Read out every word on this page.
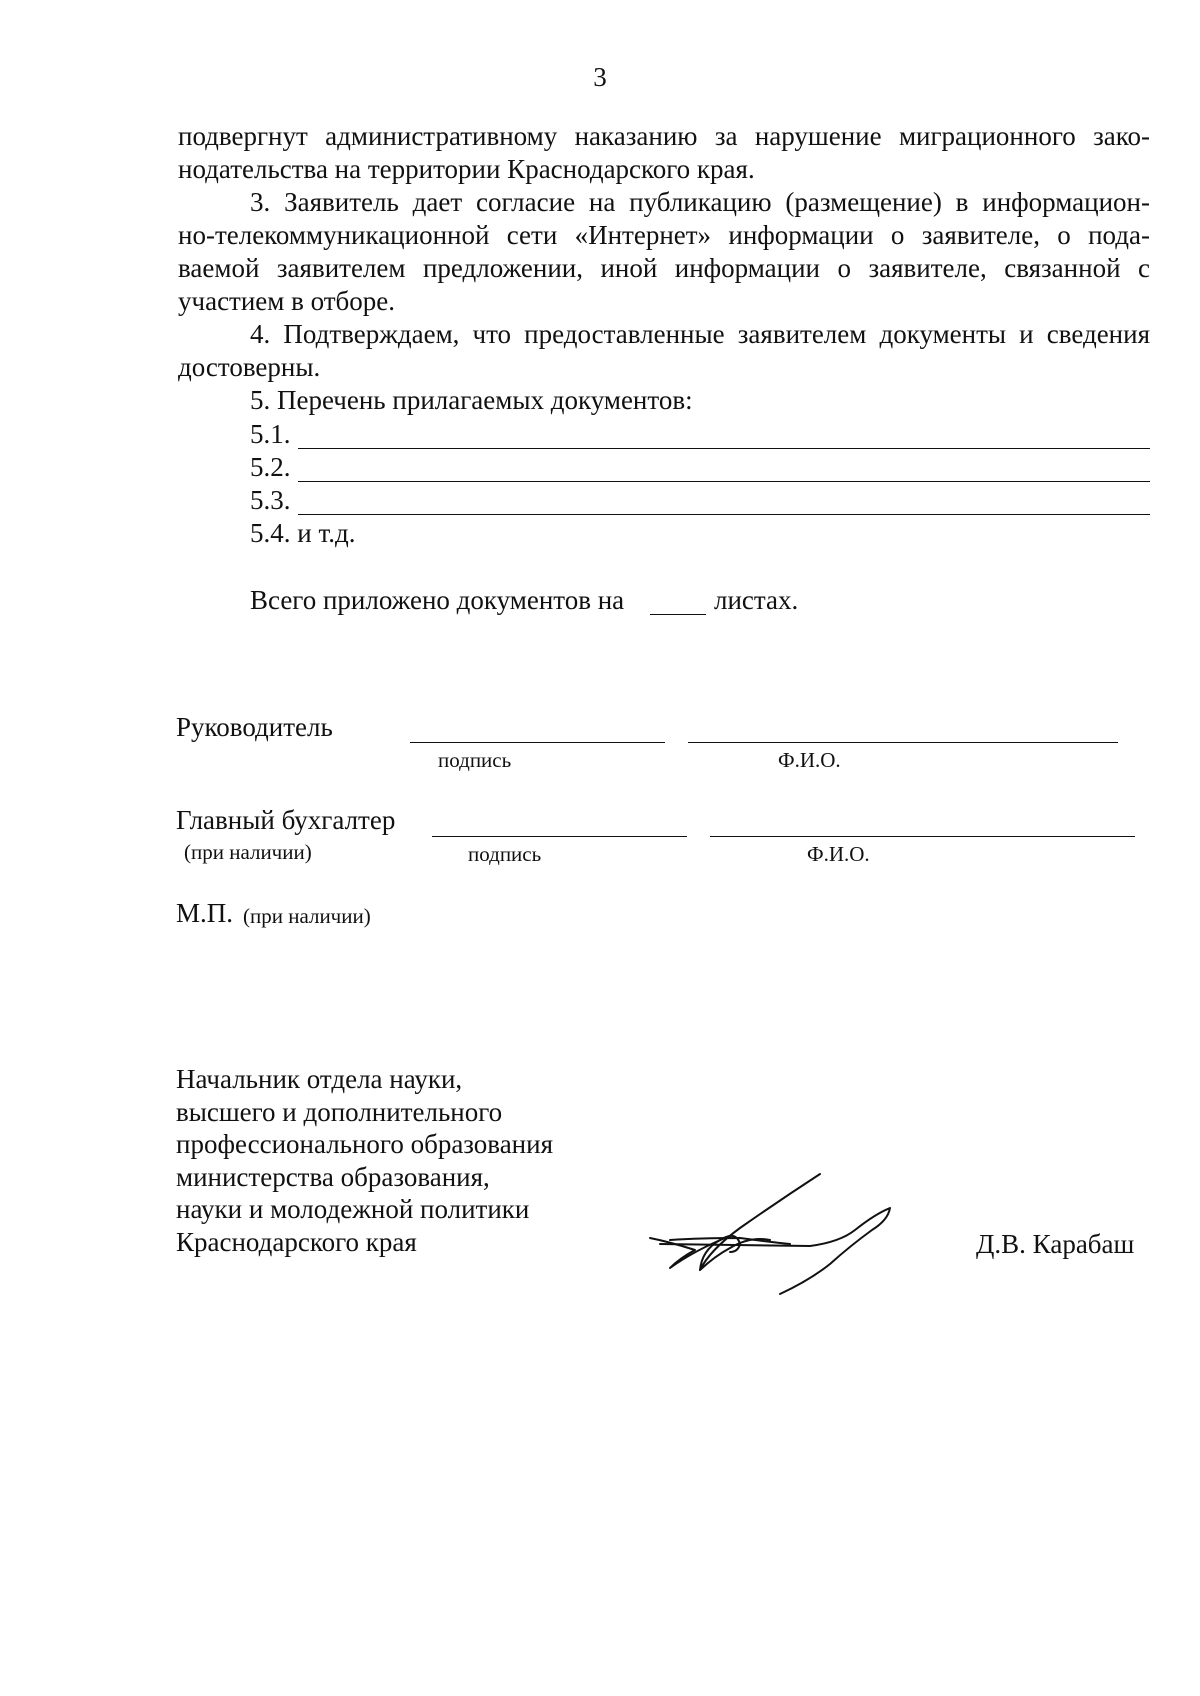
3
подвергнут административному наказанию за нарушение миграционного зако-
нодательства на территории Краснодарского края.
3. Заявитель дает согласие на публикацию (размещение) в информацион-
но-телекоммуникационной сети «Интернет» информации о заявителе, о пода-
ваемой заявителем предложении, иной информации о заявителе, связанной с
участием в отборе.
4. Подтверждаем, что предоставленные заявителем документы и сведения
достоверны.
5. Перечень прилагаемых документов:
5.1.
5.2.
5.3.
5.4. и т.д.
Всего приложено документов на	листах.
Руководитель
подпись	Ф.И.О.
Главный бухгалтер
(при наличии)	подпись	Ф.И.О.
М.П. (при наличии)
Начальник отдела науки,
высшего и дополнительного
профессионального образования
министерства образования,
науки и молодежной политики
Краснодарского края	Д.В. Карабаш
